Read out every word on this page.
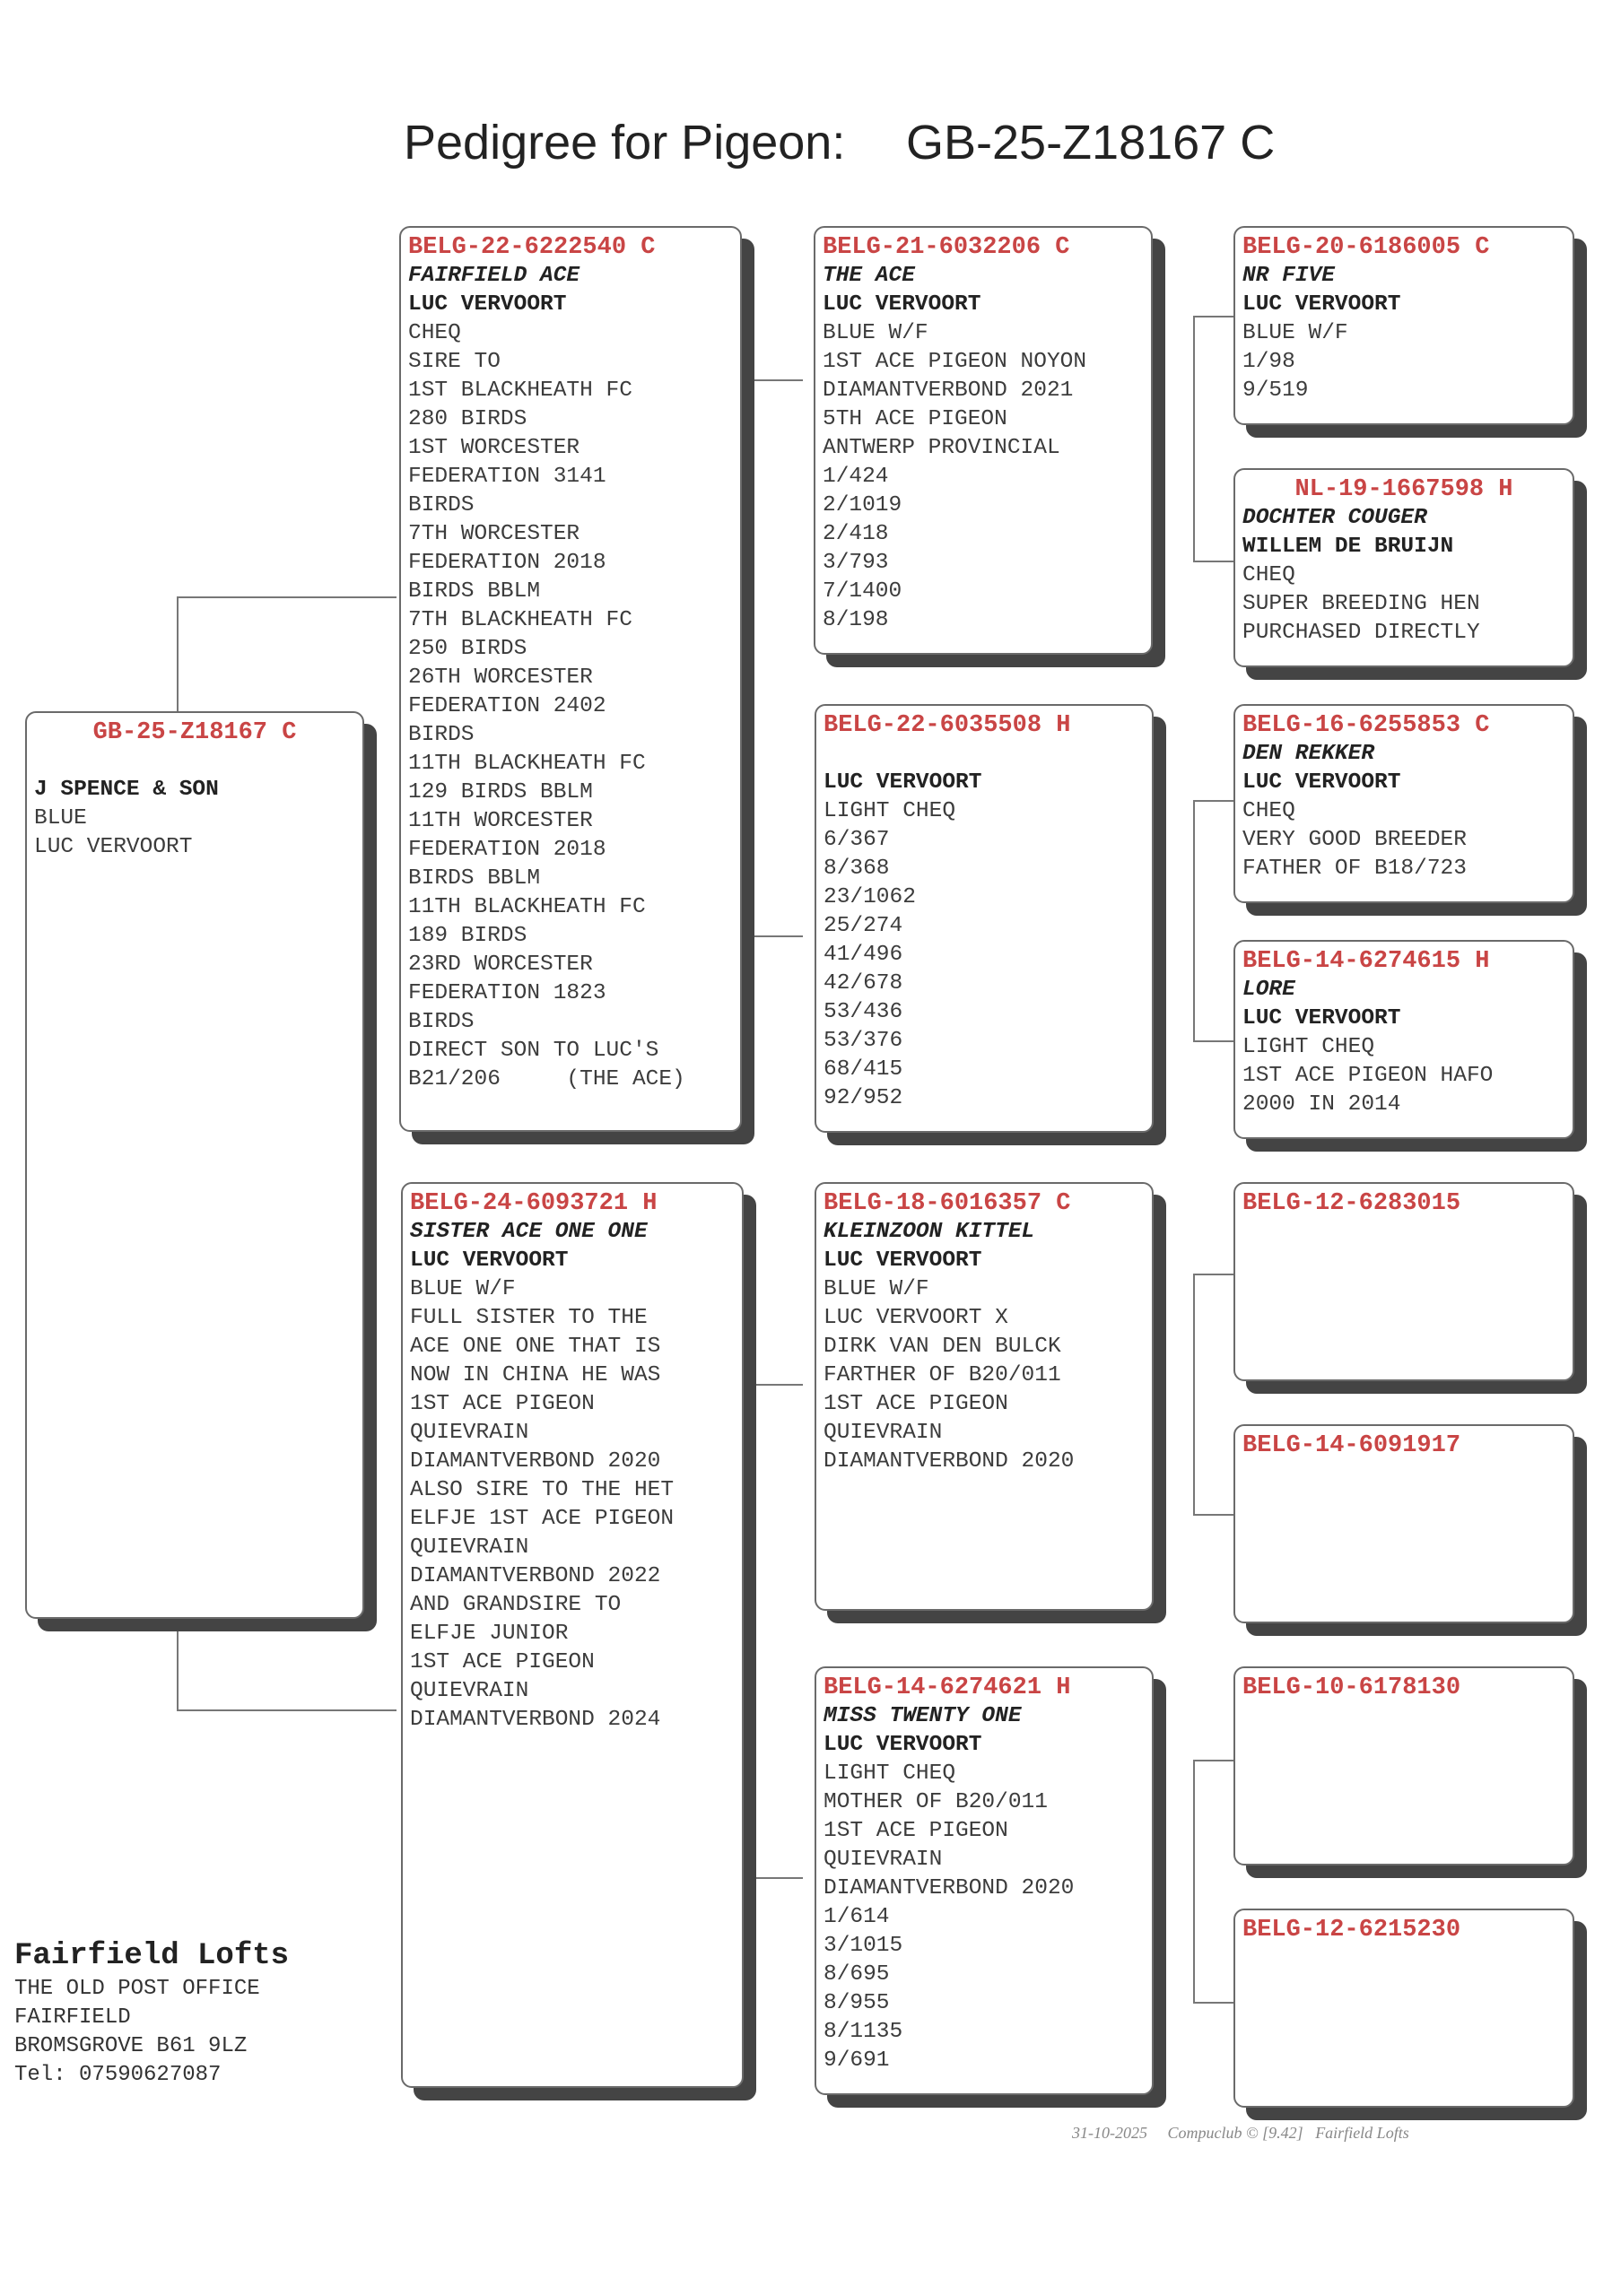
Pedigree for Pigeon: GB-25-Z18167 C
GB-25-Z18167 C
J SPENCE & SON
BLUE
LUC VERVOORT
BELG-22-6222540 C
FAIRFIELD ACE
LUC VERVOORT
CHEQ
SIRE TO
1ST BLACKHEATH FC
280 BIRDS
1ST WORCESTER
FEDERATION 3141
BIRDS
7TH WORCESTER
FEDERATION 2018
BIRDS BBLM
7TH BLACKHEATH FC
250 BIRDS
26TH WORCESTER
FEDERATION 2402
BIRDS
11TH BLACKHEATH FC
129 BIRDS BBLM
11TH WORCESTER
FEDERATION 2018
BIRDS BBLM
11TH BLACKHEATH FC
189 BIRDS
23RD WORCESTER
FEDERATION 1823
BIRDS
DIRECT SON TO LUC'S
B21/206     (THE ACE)
BELG-24-6093721 H
SISTER ACE ONE ONE
LUC VERVOORT
BLUE W/F
FULL SISTER TO THE
ACE ONE ONE THAT IS
NOW IN CHINA HE WAS
1ST ACE PIGEON
QUIEVRAIN
DIAMANTVERBOND 2020
ALSO SIRE TO THE HET
ELFJE 1ST ACE PIGEON
QUIEVRAIN
DIAMANTVERBOND 2022
AND GRANDSIRE TO
ELFJE JUNIOR
1ST ACE PIGEON
QUIEVRAIN
DIAMANTVERBOND 2024
BELG-21-6032206 C
THE ACE
LUC VERVOORT
BLUE W/F
1ST ACE PIGEON NOYON
DIAMANTVERBOND 2021
5TH ACE PIGEON
ANTWERP PROVINCIAL
1/424
2/1019
2/418
3/793
7/1400
8/198
BELG-22-6035508 H
LUC VERVOORT
LIGHT CHEQ
6/367
8/368
23/1062
25/274
41/496
42/678
53/436
53/376
68/415
92/952
BELG-18-6016357 C
KLEINZOON KITTEL
LUC VERVOORT
BLUE W/F
LUC VERVOORT X
DIRK VAN DEN BULCK
FARTHER OF B20/011
1ST ACE PIGEON
QUIEVRAIN
DIAMANTVERBOND 2020
BELG-14-6274621 H
MISS TWENTY ONE
LUC VERVOORT
LIGHT CHEQ
MOTHER OF B20/011
1ST ACE PIGEON
QUIEVRAIN
DIAMANTVERBOND 2020
1/614
3/1015
8/695
8/955
8/1135
9/691
BELG-20-6186005 C
NR FIVE
LUC VERVOORT
BLUE W/F
1/98
9/519
NL-19-1667598 H
DOCHTER COUGER
WILLEM DE BRUIJN
CHEQ
SUPER BREEDING HEN
PURCHASED DIRECTLY
BELG-16-6255853 C
DEN REKKER
LUC VERVOORT
CHEQ
VERY GOOD BREEDER
FATHER OF B18/723
BELG-14-6274615 H
LORE
LUC VERVOORT
LIGHT CHEQ
1ST ACE PIGEON HAFO
2000 IN 2014
BELG-12-6283015
BELG-14-6091917
BELG-10-6178130
BELG-12-6215230
Fairfield Lofts
THE OLD POST OFFICE
FAIRFIELD
BROMSGROVE B61 9LZ
Tel: 07590627087
31-10-2025 Compuclub © [9.42] Fairfield Lofts
